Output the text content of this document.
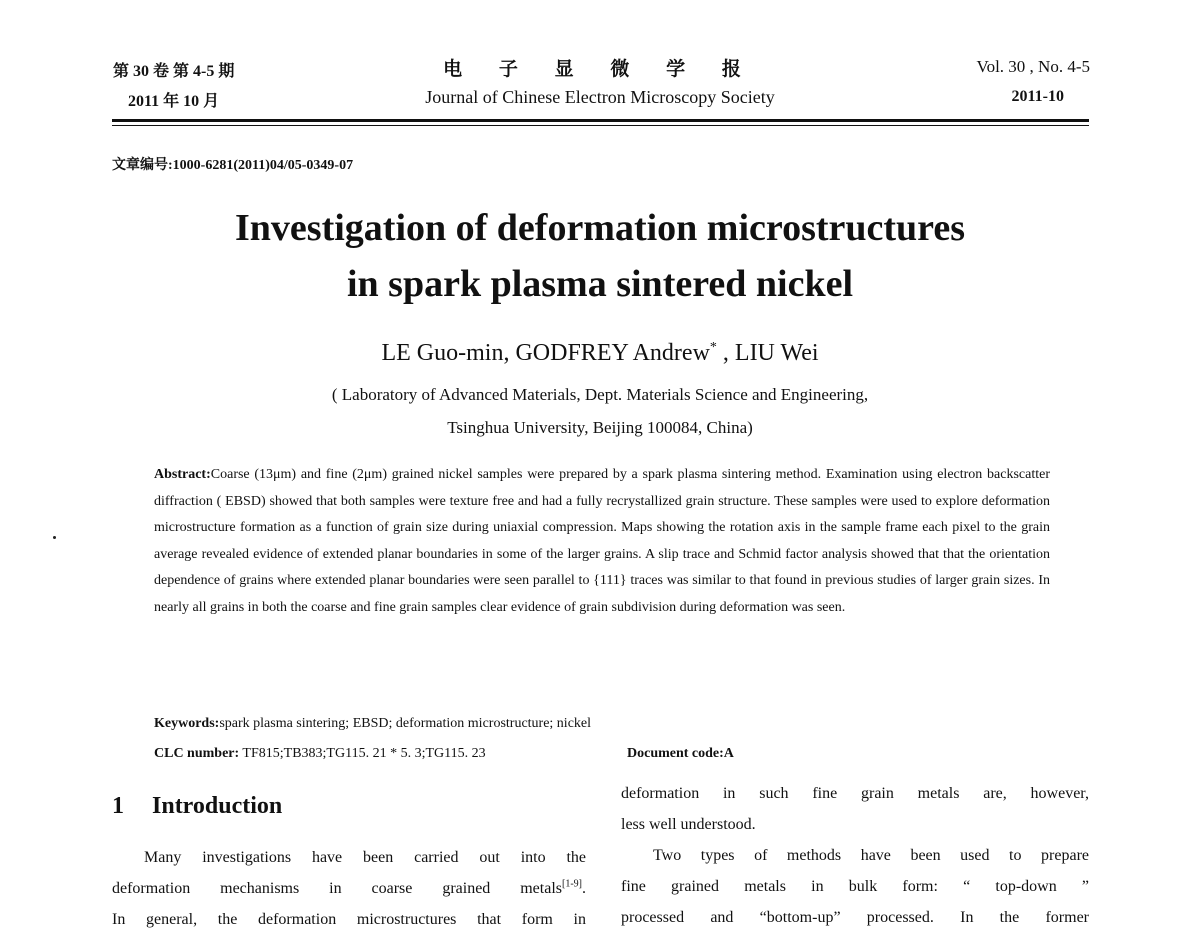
第 30 卷 第 4-5 期
2011 年 10 月
电 子 显 微 学 报
Journal of Chinese Electron Microscopy Society
Vol. 30 , No. 4-5
2011-10
文章编号:1000-6281(2011)04/05-0349-07
Investigation of deformation microstructures
in spark plasma sintered nickel
LE Guo-min, GODFREY Andrew* , LIU Wei
( Laboratory of Advanced Materials, Dept. Materials Science and Engineering,
Tsinghua University, Beijing 100084, China)
Abstract:Coarse (13μm) and fine (2μm) grained nickel samples were prepared by a spark plasma sintering method. Examination using electron backscatter diffraction ( EBSD) showed that both samples were texture free and had a fully recrystallized grain structure. These samples were used to explore deformation microstructure formation as a function of grain size during uniaxial compression. Maps showing the rotation axis in the sample frame each pixel to the grain average revealed evidence of extended planar boundaries in some of the larger grains. A slip trace and Schmid factor analysis showed that that the orientation dependence of grains where extended planar boundaries were seen parallel to {111} traces was similar to that found in previous studies of larger grain sizes. In nearly all grains in both the coarse and fine grain samples clear evidence of grain subdivision during deformation was seen.
Keywords:spark plasma sintering; EBSD; deformation microstructure; nickel
CLC number: TF815;TB383;TG115. 21 * 5. 3;TG115. 23	Document code:A
1 Introduction
Many investigations have been carried out into the
deformation mechanisms in coarse grained metals[1-9].
In general, the deformation microstructures that form in
deformation in such fine grain metals are, however,
less well understood.
Two types of methods have been used to prepare
fine grained metals in bulk form: “ top-down ”
processed and “bottom-up” processed. In the former
